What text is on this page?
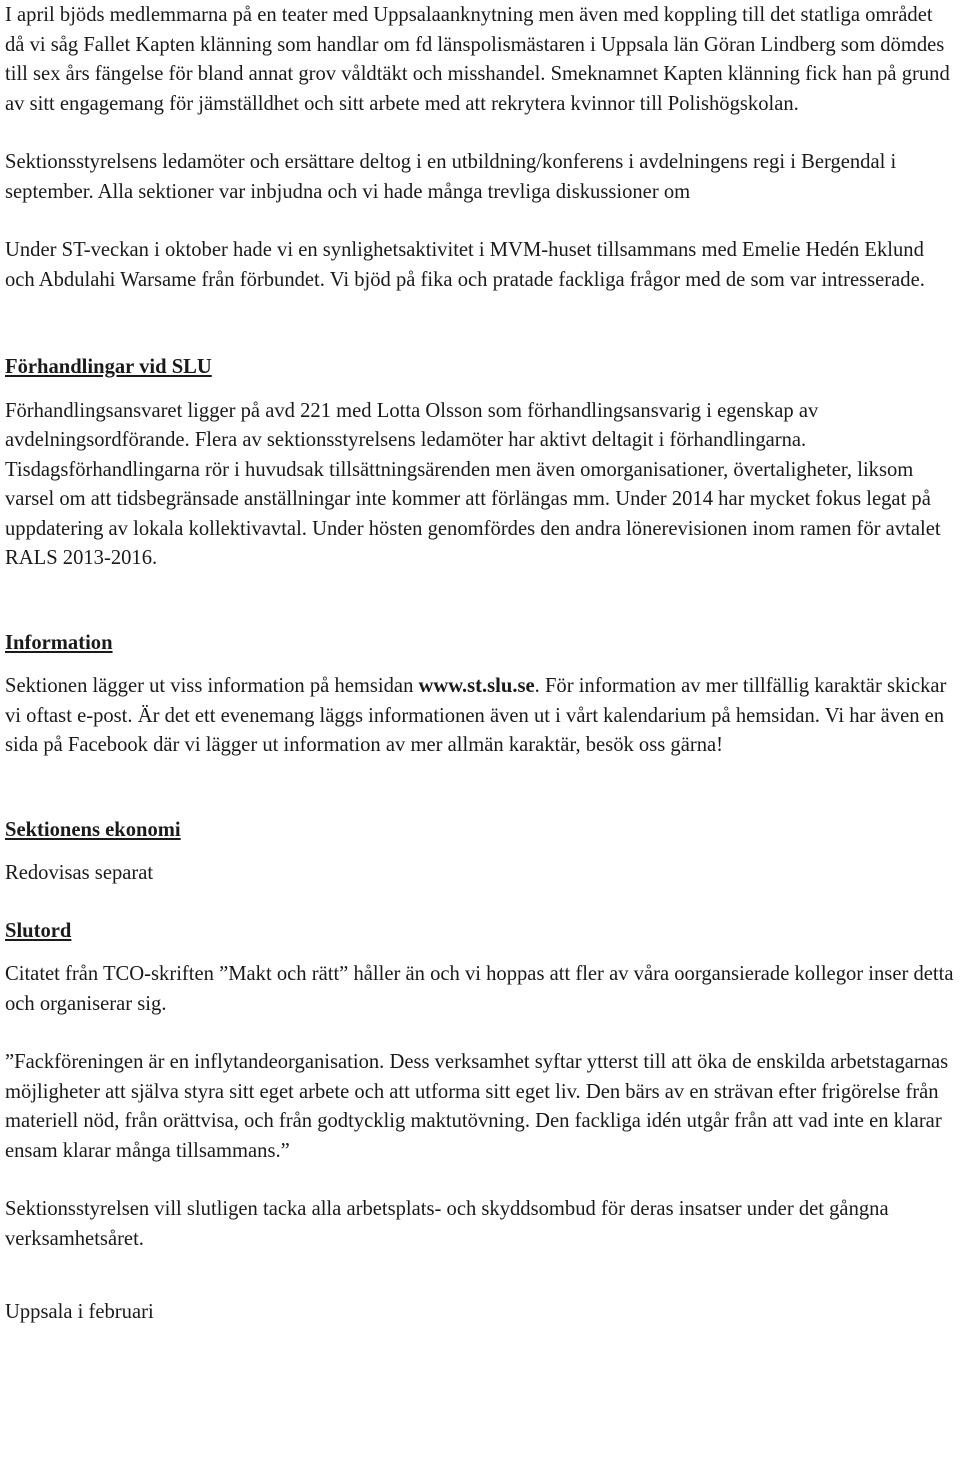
I april bjöds medlemmarna på en teater med Uppsalaanknytning men även med koppling till det statliga området då vi såg Fallet Kapten klänning som handlar om fd länspolismästaren i Uppsala län Göran Lindberg som dömdes till sex års fängelse för bland annat grov våldtäkt och misshandel. Smeknamnet Kapten klänning fick han på grund av sitt engagemang för jämställdhet och sitt arbete med att rekrytera kvinnor till Polishögskolan.

Sektionsstyrelsens ledamöter och ersättare deltog i en utbildning/konferens i avdelningens regi i Bergendal i september. Alla sektioner var inbjudna och vi hade många trevliga diskussioner om

Under ST-veckan i oktober hade vi en synlighetsaktivitet i MVM-huset tillsammans med Emelie Hedén Eklund och Abdulahi Warsame från förbundet. Vi bjöd på fika och pratade fackliga frågor med de som var intresserade.

Förhandlingar vid SLU

Förhandlingsansvaret ligger på avd 221 med Lotta Olsson som förhandlingsansvarig i egenskap av avdelningsordförande. Flera av sektionsstyrelsens ledamöter har aktivt deltagit i förhandlingarna. Tisdagsförhandlingarna rör i huvudsak tillsättningsärenden men även omorganisationer, övertaligheter, liksom varsel om att tidsbegränsade anställningar inte kommer att förlängas mm. Under 2014 har mycket fokus legat på uppdatering av lokala kollektivavtal. Under hösten genomfördes den andra lönerevisionen inom ramen för avtalet RALS 2013-2016.

Information

Sektionen lägger ut viss information på hemsidan www.st.slu.se. För information av mer tillfällig karaktär skickar vi oftast e-post. Är det ett evenemang läggs informationen även ut i vårt kalendarium på hemsidan. Vi har även en sida på Facebook där vi lägger ut information av mer allmän karaktär, besök oss gärna!

Sektionens ekonomi

Redovisas separat

Slutord

Citatet från TCO-skriften ”Makt och rätt” håller än och vi hoppas att fler av våra oorgansierade kollegor inser detta och organiserar sig.

”Fackföreningen är en inflytandeorganisation. Dess verksamhet syftar ytterst till att öka de enskilda arbetstagarnas möjligheter att själva styra sitt eget arbete och att utforma sitt eget liv. Den bärs av en strävan efter frigörelse från materiell nöd, från orättvisa, och från godtycklig maktutövning. Den fackliga idén utgår från att vad inte en klarar ensam klarar många tillsammans.”

Sektionsstyrelsen vill slutligen tacka alla arbetsplats- och skyddsombud för deras insatser under det gångna verksamhetsåret.

Uppsala i februari
